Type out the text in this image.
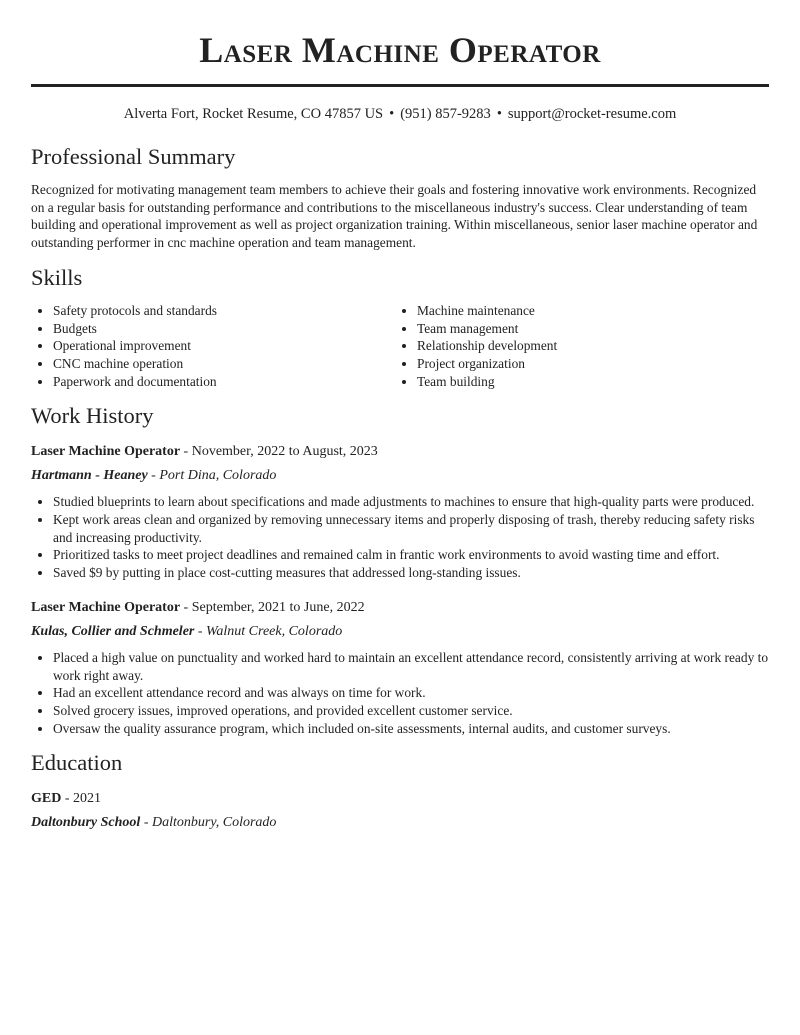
Laser Machine Operator
Alverta Fort, Rocket Resume, CO 47857 US • (951) 857-9283 • support@rocket-resume.com
Professional Summary

Recognized for motivating management team members to achieve their goals and fostering innovative work environments. Recognized on a regular basis for outstanding performance and contributions to the miscellaneous industry's success. Clear understanding of team building and operational improvement as well as project organization training. Within miscellaneous, senior laser machine operator and outstanding performer in cnc machine operation and team management.

Skills
• Safety protocols and standards
• Budgets
• Operational improvement
• CNC machine operation
• Paperwork and documentation
• Machine maintenance
• Team management
• Relationship development
• Project organization
• Team building
Work History
Laser Machine Operator - November, 2022 to August, 2023
Hartmann - Heaney - Port Dina, Colorado
• Studied blueprints to learn about specifications and made adjustments to machines to ensure that high-quality parts were produced.
• Kept work areas clean and organized by removing unnecessary items and properly disposing of trash, thereby reducing safety risks and increasing productivity.
• Prioritized tasks to meet project deadlines and remained calm in frantic work environments to avoid wasting time and effort.
• Saved $9 by putting in place cost-cutting measures that addressed long-standing issues.
Laser Machine Operator - September, 2021 to June, 2022
Kulas, Collier and Schmeler - Walnut Creek, Colorado
• Placed a high value on punctuality and worked hard to maintain an excellent attendance record, consistently arriving at work ready to work right away.
• Had an excellent attendance record and was always on time for work.
• Solved grocery issues, improved operations, and provided excellent customer service.
• Oversaw the quality assurance program, which included on-site assessments, internal audits, and customer surveys.
Education
GED - 2021
Daltonbury School - Daltonbury, Colorado
